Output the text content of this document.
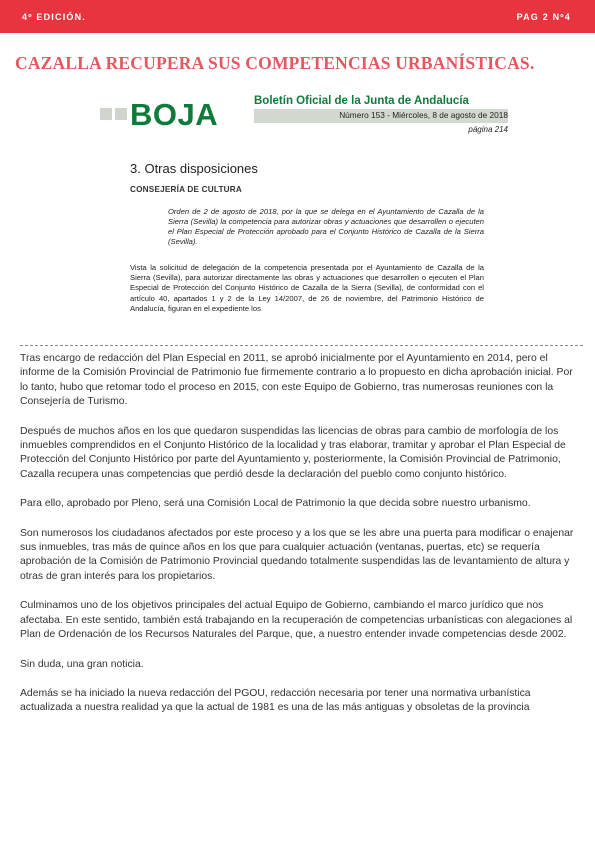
4º EDICIÓN.	PAG 2 Nº4
CAZALLA RECUPERA SUS COMPETENCIAS URBANÍSTICAS.
BOJA	Boletín Oficial de la Junta de Andalucía
Número 153 - Miércoles, 8 de agosto de 2018
página 214
3. Otras disposiciones
CONSEJERÍA DE CULTURA

Orden de 2 de agosto de 2018, por la que se delega en el Ayuntamiento de Cazalla de la Sierra (Sevilla) la competencia para autorizar obras y actuaciones que desarrollen o ejecuten el Plan Especial de Protección aprobado para el Conjunto Histórico de Cazalla de la Sierra (Sevilla).

Vista la solicitud de delegación de la competencia presentada por el Ayuntamiento de Cazalla de la Sierra (Sevilla), para autorizar directamente las obras y actuaciones que desarrollen o ejecuten el Plan Especial de Protección del Conjunto Histórico de Cazalla de la Sierra (Sevilla), de conformidad con el artículo 40, apartados 1 y 2 de la Ley 14/2007, de 26 de noviembre, del Patrimonio Histórico de Andalucía, figuran en el expediente los

Tras encargo de redacción del Plan Especial en 2011, se aprobó inicialmente por el Ayuntamiento en 2014, pero el informe de la Comisión Provincial de Patrimonio fue firmemente contrario a lo propuesto en dicha aprobación inicial. Por lo tanto, hubo que retomar todo el proceso en 2015, con este Equipo de Gobierno, tras numerosas reuniones con la Consejería de Turismo.

Después de muchos años en los que quedaron suspendidas las licencias de obras para cambio de morfología de los inmuebles comprendidos en el Conjunto Histórico de la localidad y tras elaborar, tramitar y aprobar el Plan Especial de Protección del Conjunto Histórico por parte del Ayuntamiento y, posteriormente, la Comisión Provincial de Patrimonio, Cazalla recupera unas competencias que perdió desde la declaración del pueblo como conjunto histórico.

Para ello, aprobado por Pleno, será una Comisión Local de Patrimonio la que decida sobre nuestro urbanismo.

Son numerosos los ciudadanos afectados por este proceso y a los que se les abre una puerta para modificar o enajenar sus inmuebles, tras más de quince años en los que para cualquier actuación (ventanas, puertas, etc) se requería aprobación de la Comisión de Patrimonio Provincial quedando totalmente suspendidas las de levantamiento de altura y otras de gran interés para los propietarios.

Culminamos uno de los objetivos principales del actual Equipo de Gobierno, cambiando el marco jurídico que nos afectaba. En este sentido, también está trabajando en la recuperación de competencias urbanísticas con alegaciones al Plan de Ordenación de los Recursos Naturales del Parque, que, a nuestro entender invade competencias desde 2002.

Sin duda, una gran noticia.

Además se ha iniciado la nueva redacción del PGOU, redacción necesaria por tener una normativa urbanística actualizada a nuestra realidad ya que la actual de 1981 es una de las más antiguas y obsoletas de la provincia
